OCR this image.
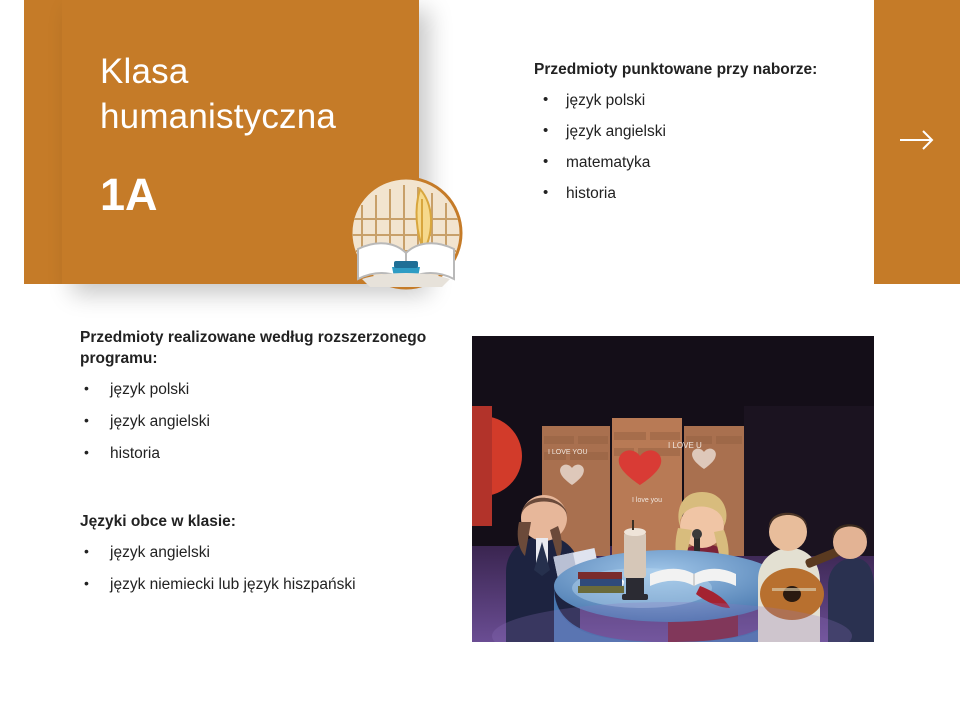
Klasa
humanistyczna
1A

Przedmioty punktowane przy naborze:

• język polski
• język angielski
• matematyka
• historia

Przedmioty realizowane według rozszerzonego programu:

• język polski
• język angielski
• historia

Języki obce w klasie:

• język angielski
• język niemiecki lub język hiszpański
I LOVE YOU
I LOVE U
I love you
